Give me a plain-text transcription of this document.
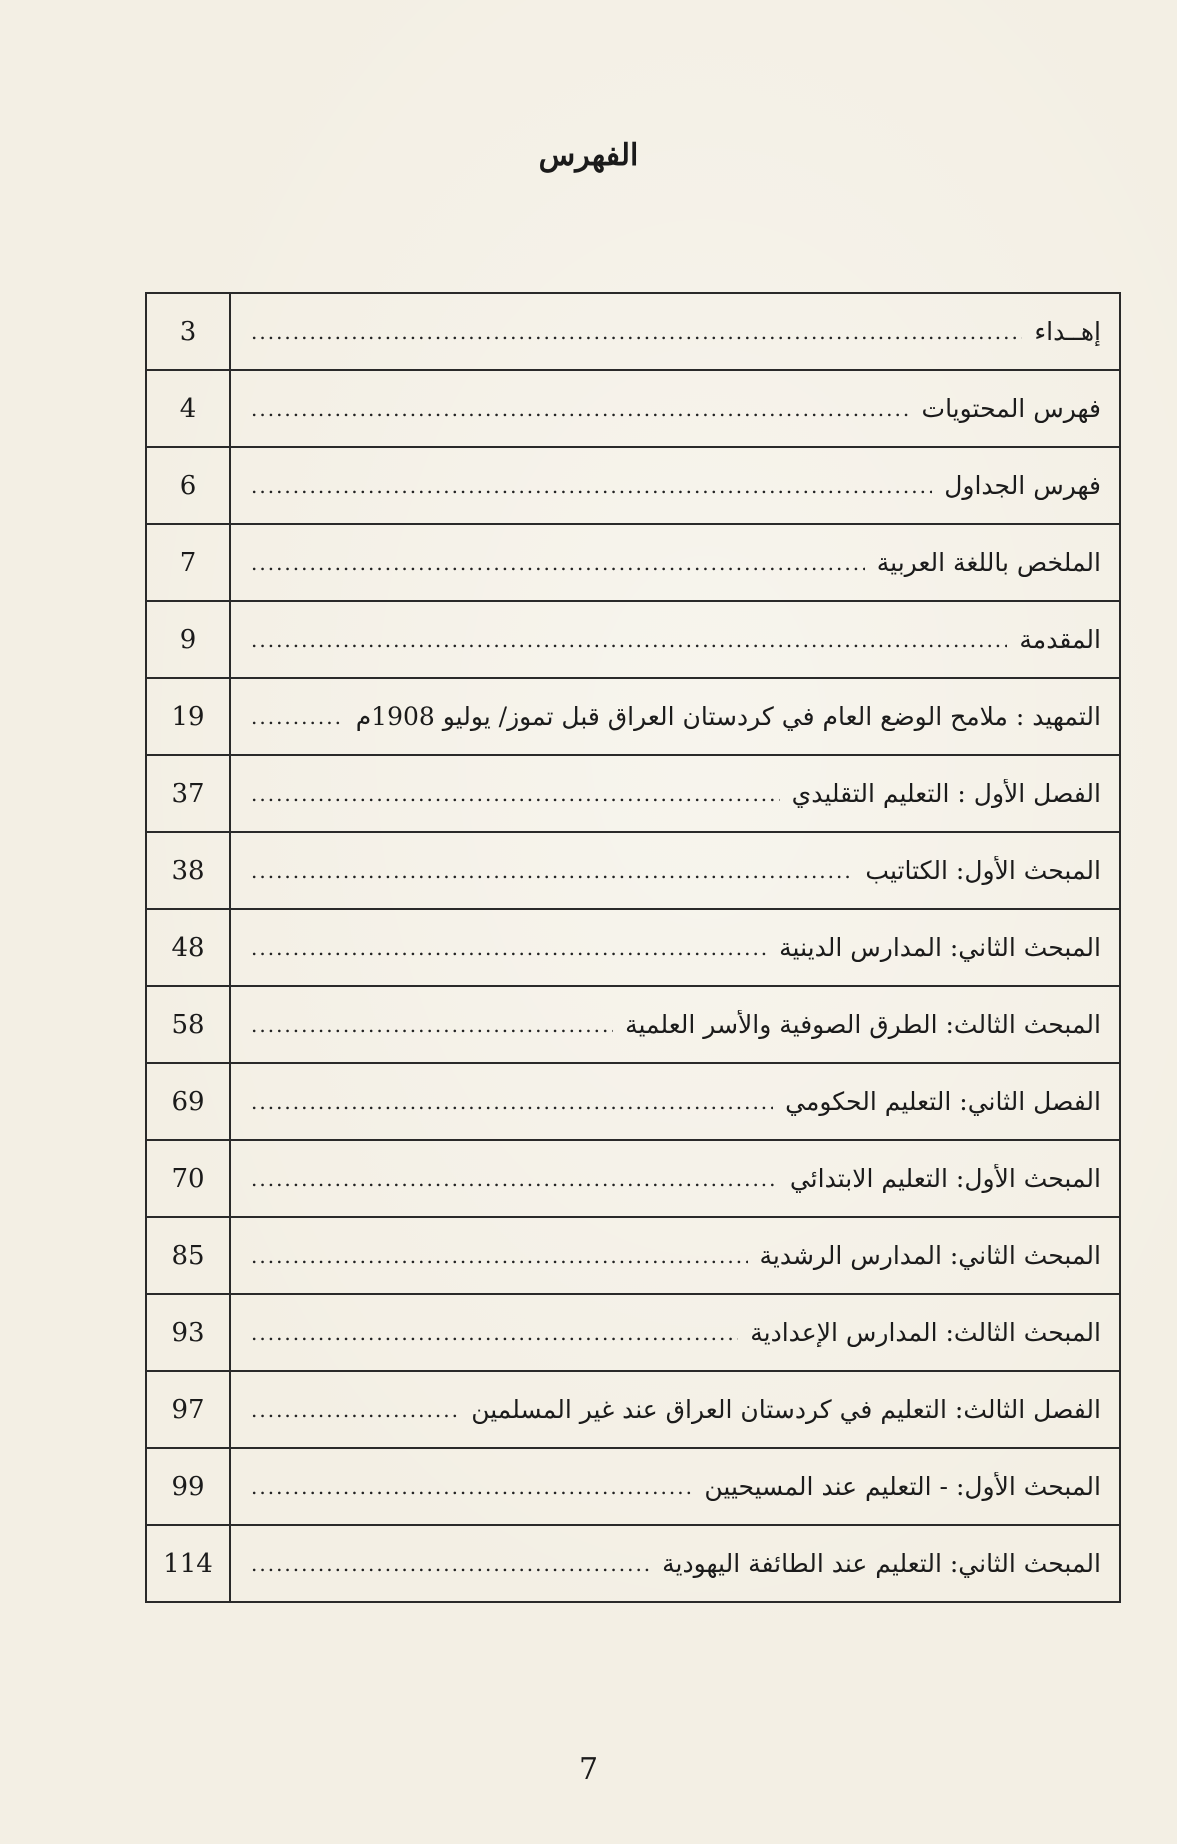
الفهرس
إهــداء
.....	3

فهرس المحتويات
.....	4

فهرس الجداول
.....	6

الملخص باللغة العربية
.....	7

المقدمة
.....	9

التمهيد : ملامح الوضع العام في كردستان العراق قبل تموز/ يوليو 1908م
.....	19

الفصل الأول : التعليم التقليدي
.....	37

المبحث الأول: الكتاتيب
.....	38

المبحث الثاني: المدارس الدينية
.....	48

المبحث الثالث: الطرق الصوفية والأسر العلمية
.....	58

الفصل الثاني: التعليم الحكومي
.....	69

المبحث الأول: التعليم الابتدائي
.....	70

المبحث الثاني: المدارس الرشدية
.....	85

المبحث الثالث: المدارس الإعدادية
.....	93

الفصل الثالث: التعليم في كردستان العراق عند غير المسلمين
.....	97

المبحث الأول: - التعليم عند المسيحيين
.....	99

المبحث الثاني: التعليم عند الطائفة اليهودية
.....	114
7
